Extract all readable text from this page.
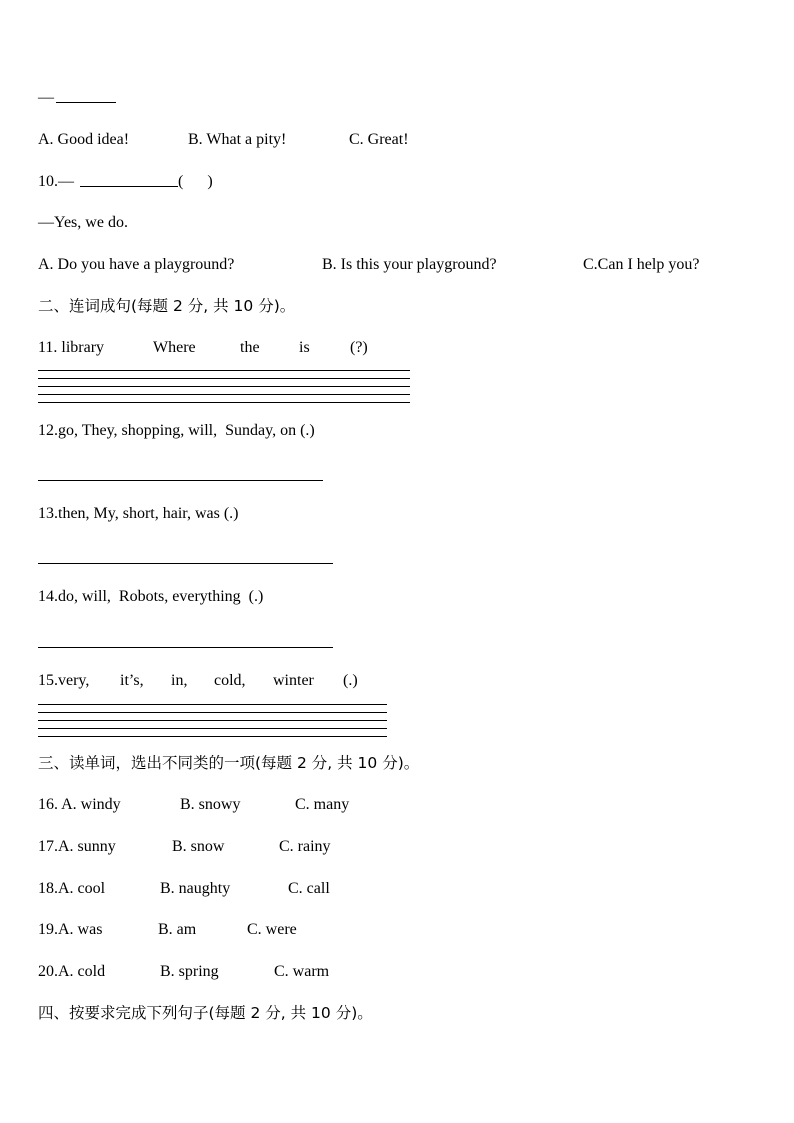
—

A. Good idea!

	B. What a pity!

	C. Great!

10.—

	(      )

—Yes, we do.

A. Do you have a playground?

	B. Is this your playground?

	C.Can I help you?

二、连词成句(每题 2 分, 共 10 分)。

11. library

	Where

	the

is

	(?)

12.go, They, shopping, will,  Sunday, on (.)
13.then, My, short, hair, was (.)
14.do, will,  Robots, everything  (.)

15.very,

it’s,

in,

cold,

winter

(.)

三、读单词，选出不同类的一项(每题 2 分, 共 10 分)。

16. A. windy

	B. snowy

	C. many

17.A. sunny

	B. snow

	C. rainy

18.A. cool

	B. naughty

	C. call

19.A. was

	B. am

	C. were

20.A. cold

	B. spring

	C. warm

四、按要求完成下列句子(每题 2 分, 共 10 分)。
